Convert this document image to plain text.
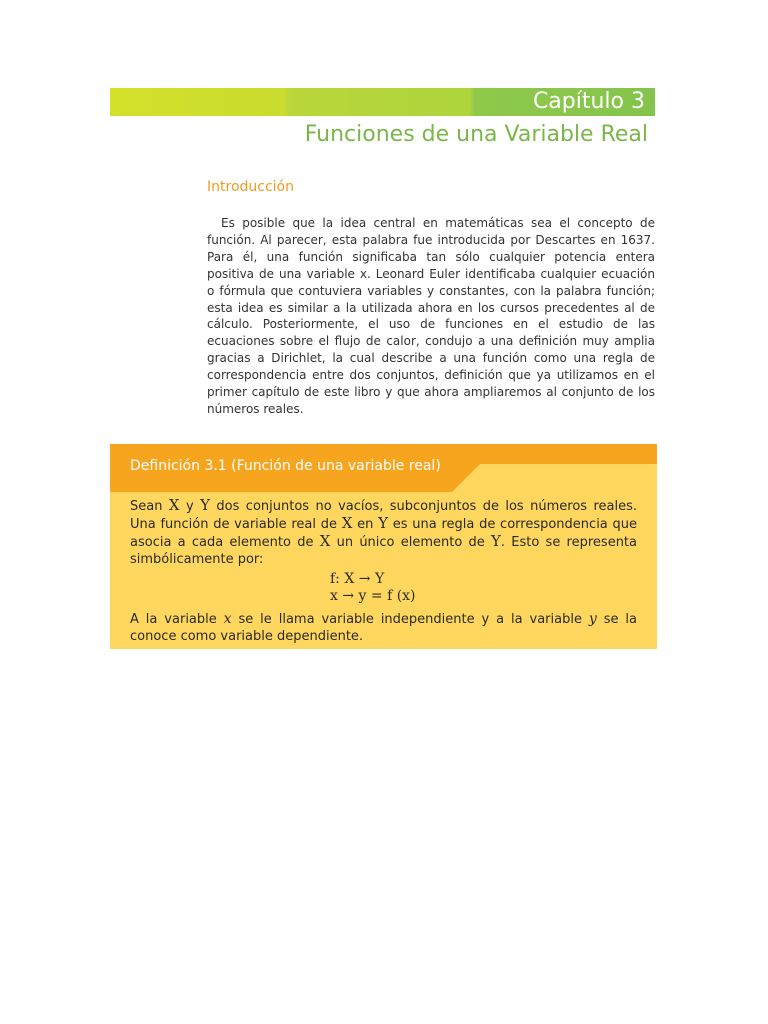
Capítulo 3
Funciones de una Variable Real
Introducción
Es posible que la idea central en matemáticas sea el concepto de función. Al parecer, esta palabra fue introducida por Descartes en 1637. Para él, una función significaba tan sólo cualquier potencia entera positiva de una variable x. Leonard Euler identificaba cualquier ecuación o fórmula que contuviera variables y constantes, con la palabra función; esta idea es similar a la utilizada ahora en los cursos precedentes al de cálculo. Posteriormente, el uso de funciones en el estudio de las ecuaciones sobre el flujo de calor, condujo a una definición muy amplia gracias a Dirichlet, la cual describe a una función como una regla de correspondencia entre dos conjuntos, definición que ya utilizamos en el primer capítulo de este libro y que ahora ampliaremos al conjunto de los números reales.
Definición 3.1 (Función de una variable real)
Sean X y Y dos conjuntos no vacíos, subconjuntos de los números reales. Una función de variable real de X en Y es una regla de correspondencia que asocia a cada elemento de X un único elemento de Y. Esto se representa simbólicamente por:
f: X → Y
x → y = f (x)
A la variable x se le llama variable independiente y a la variable y se la conoce como variable dependiente.
